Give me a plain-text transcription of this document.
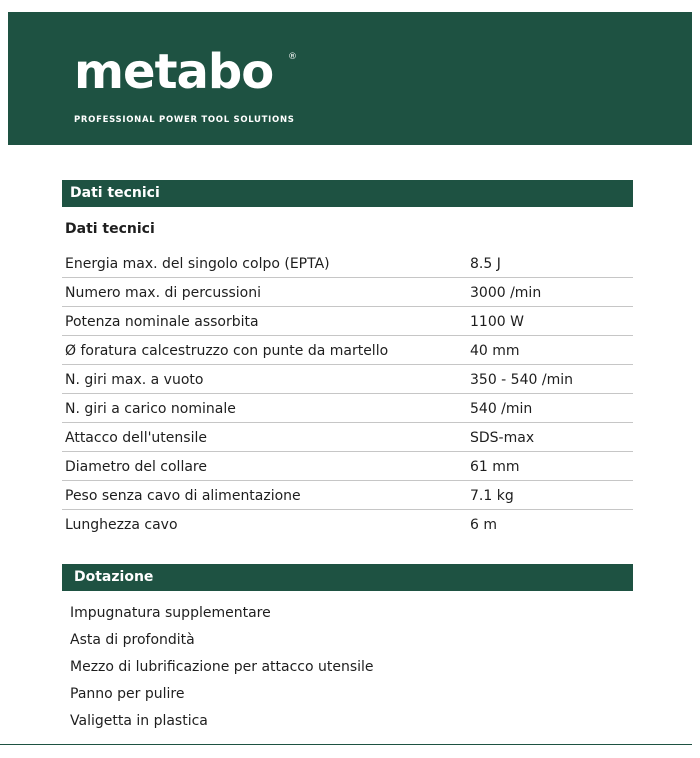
metabo ®
PROFESSIONAL POWER TOOL SOLUTIONS
Dati tecnici
Dati tecnici
Energia max. del singolo colpo (EPTA)	8.5 J
Numero max. di percussioni	3000 /min
Potenza nominale assorbita	1100 W
Ø foratura calcestruzzo con punte da martello	40 mm
N. giri max. a vuoto	350 - 540 /min
N. giri a carico nominale	540 /min
Attacco dell'utensile	SDS-max
Diametro del collare	61 mm
Peso senza cavo di alimentazione	7.1 kg
Lunghezza cavo	6 m
Dotazione
Impugnatura supplementare
Asta di profondità
Mezzo di lubrificazione per attacco utensile
Panno per pulire
Valigetta in plastica
